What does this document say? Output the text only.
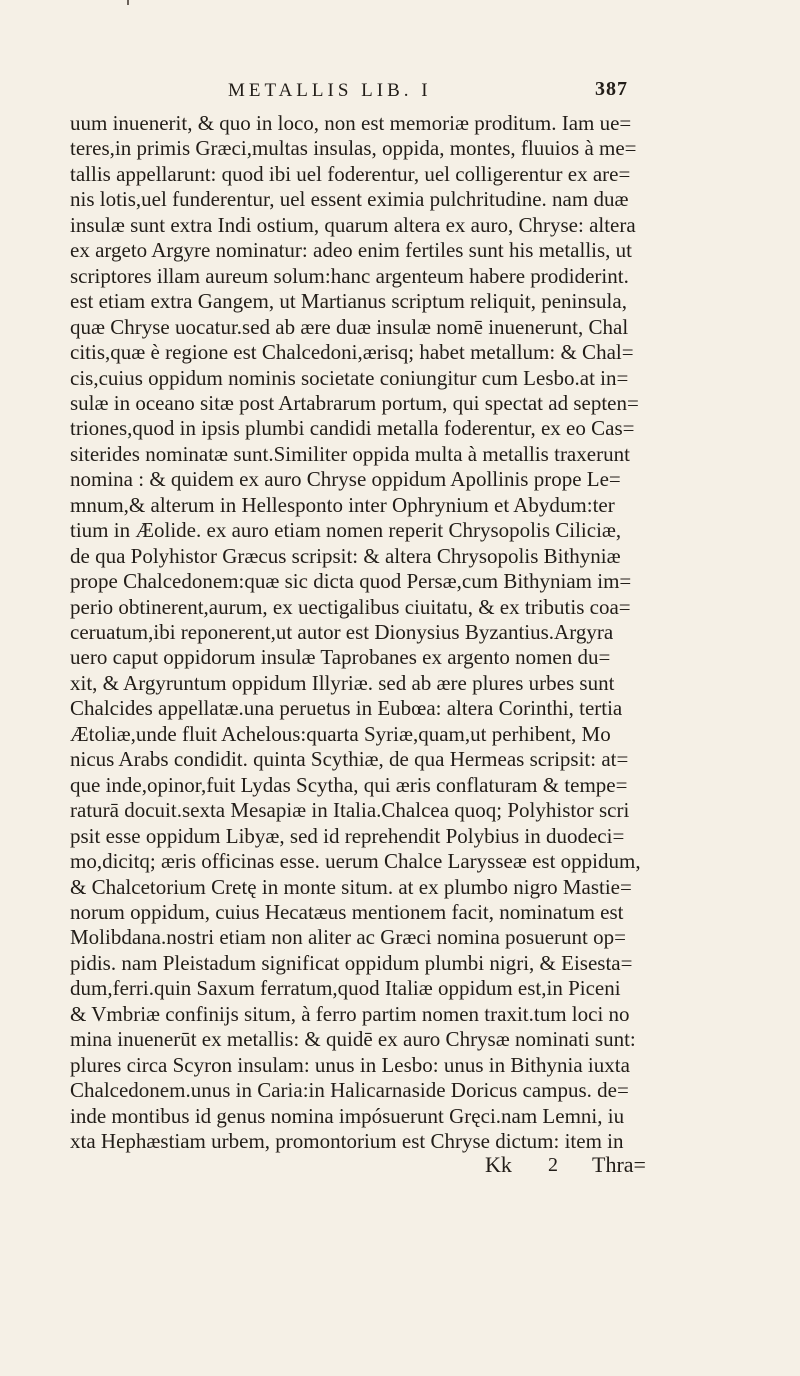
METALLIS LIB. I	387
uum inuenerit, & quo in loco, non est memoriæ proditum. Iam ue=
teres,in primis Græci,multas insulas, oppida, montes, fluuios à me=
tallis appellarunt: quod ibi uel foderentur, uel colligerentur ex are=
nis lotis,uel funderentur, uel essent eximia pulchritudine. nam duæ
insulæ sunt extra Indi ostium, quarum altera ex auro, Chryse: altera
ex argeto Argyre nominatur: adeo enim fertiles sunt his metallis, ut
scriptores illam aureum solum:hanc argenteum habere prodiderint.
est etiam extra Gangem, ut Martianus scriptum reliquit, peninsula,
quæ Chryse uocatur.sed ab ære duæ insulæ nomē inuenerunt, Chal
citis,quæ è regione est Chalcedoni,ærisq; habet metallum: & Chal=
cis,cuius oppidum nominis societate coniungitur cum Lesbo.at in=
sulæ in oceano sitæ post Artabrarum portum, qui spectat ad septen=
triones,quod in ipsis plumbi candidi metalla foderentur, ex eo Cas=
siterides nominatæ sunt.Similiter oppida multa à metallis traxerunt
nomina : & quidem ex auro Chryse oppidum Apollinis prope Le=
mnum,& alterum in Hellesponto inter Ophrynium et Abydum:ter
tium in Æolide. ex auro etiam nomen reperit Chrysopolis Ciliciæ,
de qua Polyhistor Græcus scripsit: & altera Chrysopolis Bithyniæ
prope Chalcedonem:quæ sic dicta quod Persæ,cum Bithyniam im=
perio obtinerent,aurum, ex uectigalibus ciuitatu, & ex tributis coa=
ceruatum,ibi reponerent,ut autor est Dionysius Byzantius.Argyra
uero caput oppidorum insulæ Taprobanes ex argento nomen du=
xit, & Argyruntum oppidum Illyriæ. sed ab ære plures urbes sunt
Chalcides appellatæ.una peruetus in Eubœa: altera Corinthi, tertia
Ætoliæ,unde fluit Achelous:quarta Syriæ,quam,ut perhibent, Mo
nicus Arabs condidit. quinta Scythiæ, de qua Hermeas scripsit: at=
que inde,opinor,fuit Lydas Scytha, qui æris conflaturam & tempe=
raturā docuit.sexta Mesapiæ in Italia.Chalcea quoq; Polyhistor scri
psit esse oppidum Libyæ, sed id reprehendit Polybius in duodeci=
mo,dicitq; æris officinas esse. uerum Chalce Larysseæ est oppidum,
& Chalcetorium Cretę in monte situm. at ex plumbo nigro Mastie=
norum oppidum, cuius Hecatæus mentionem facit, nominatum est
Molibdana.nostri etiam non aliter ac Græci nomina posuerunt op=
pidis. nam Pleistadum significat oppidum plumbi nigri, & Eisesta=
dum,ferri.quin Saxum ferratum,quod Italiæ oppidum est,in Piceni
& Vmbriæ confinijs situm, à ferro partim nomen traxit.tum loci no
mina inuenerūt ex metallis: & quidē ex auro Chrysæ nominati sunt:
plures circa Scyron insulam: unus in Lesbo: unus in Bithynia iuxta
Chalcedonem.unus in Caria:in Halicarnaside Doricus campus. de=
inde montibus id genus nomina impósuerunt Gręci.nam Lemni, iu
xta Hephæstiam urbem, promontorium est Chryse dictum: item in
Kk 2 Thra=
